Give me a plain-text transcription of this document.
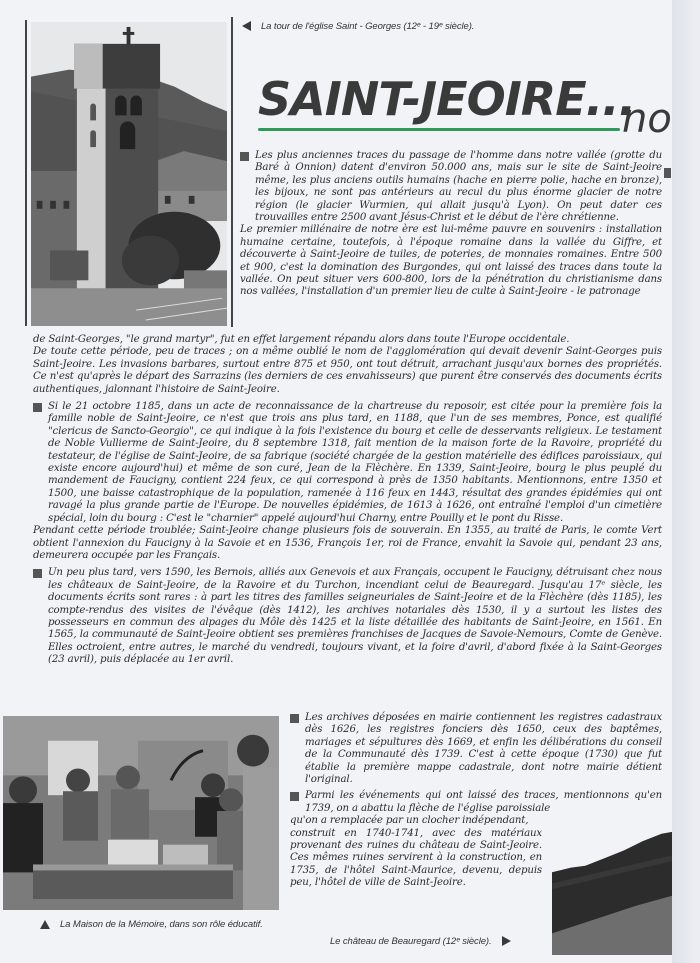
La tour de l'église Saint - Georges (12ᵉ - 19ᵉ siècle).
SAINT-JEOIRE...
no
Les plus anciennes traces du passage de l'homme dans notre vallée (grotte du Baré à Onnion) datent d'environ 50.000 ans, mais sur le site de Saint-Jeoire même, les plus anciens outils humains (hache en pierre polie, hache en bronze), les bijoux, ne sont pas antérieurs au recul du plus énorme glacier de notre région (le glacier Wurmien, qui allait jusqu'à Lyon). On peut dater ces trouvailles entre 2500 avant Jésus-Christ et le début de l'ère chrétienne.

Le premier millénaire de notre ère est lui-même pauvre en souvenirs : installation humaine certaine, toutefois, à l'époque romaine dans la vallée du Giffre, et découverte à Saint-Jeoire de tuiles, de poteries, de monnaies romaines. Entre 500 et 900, c'est la domination des Burgondes, qui ont laissé des traces dans toute la vallée. On peut situer vers 600-800, lors de la pénétration du christianisme dans nos vallées, l'installation d'un premier lieu de culte à Saint-Jeoire - le patronage

de Saint-Georges, "le grand martyr", fut en effet largement répandu alors dans toute l'Europe occidentale.

De toute cette période, peu de traces ; on a même oublié le nom de l'agglomération qui devait devenir Saint-Georges puis Saint-Jeoire. Les invasions barbares, surtout entre 875 et 950, ont tout détruit, arrachant jusqu'aux bornes des propriétés. Ce n'est qu'après le départ des Sarrazins (les derniers de ces envahisseurs) que purent être conservés des documents écrits authentiques, jalonnant l'histoire de Saint-Jeoire.

Si le 21 octobre 1185, dans un acte de reconnaissance de la chartreuse du reposoir, est citée pour la première fois la famille noble de Saint-Jeoire, ce n'est que trois ans plus tard, en 1188, que l'un de ses membres, Ponce, est qualifié "clericus de Sancto-Georgio", ce qui indique à la fois l'existence du bourg et celle de desservants religieux. Le testament de Noble Vullierme de Saint-Jeoire, du 8 septembre 1318, fait mention de la maison forte de la Ravoire, propriété du testateur, de l'église de Saint-Jeoire, de sa fabrique (société chargée de la gestion matérielle des édifices paroissiaux, qui existe encore aujourd'hui) et même de son curé, Jean de la Flèchère. En 1339, Saint-Jeoire, bourg le plus peuplé du mandement de Faucigny, contient 224 feux, ce qui correspond à près de 1350 habitants. Mentionnons, entre 1350 et 1500, une baisse catastrophique de la population, ramenée à 116 feux en 1443, résultat des grandes épidémies qui ont ravagé la plus grande partie de l'Europe. De nouvelles épidémies, de 1613 à 1626, ont entraîné l'emploi d'un cimetière spécial, loin du bourg : C'est le "charnier" appelé aujourd'hui Charny, entre Pouilly et le pont du Risse.

Pendant cette période troublée; Saint-Jeoire change plusieurs fois de souverain. En 1355, au traité de Paris, le comte Vert obtient l'annexion du Faucigny à la Savoie et en 1536, François 1er, roi de France, envahit la Savoie qui, pendant 23 ans, demeurera occupée par les Français.

Un peu plus tard, vers 1590, les Bernois, alliés aux Genevois et aux Français, occupent le Faucigny, détruisant chez nous les châteaux de Saint-Jeoire, de la Ravoire et du Turchon, incendiant celui de Beauregard. Jusqu'au 17ᵉ siècle, les documents écrits sont rares : à part les titres des familles seigneuriales de Saint-Jeoire et de la Flèchère (dès 1185), les compte-rendus des visites de l'évêque (dès 1412), les archives notariales dès 1530, il y a surtout les listes des possesseurs en commun des alpages du Môle dès 1425 et la liste détaillée des habitants de Saint-Jeoire, en 1561. En 1565, la communauté de Saint-Jeoire obtient ses premières franchises de Jacques de Savoie-Nemours, Comte de Genève. Elles octroient, entre autres, le marché du vendredi, toujours vivant, et la foire d'avril, d'abord fixée à la Saint-Georges (23 avril), puis déplacée au 1er avril.
La Maison de la Mémoire, dans son rôle éducatif.
Les archives déposées en mairie contiennent les registres cadastraux dès 1626, les registres fonciers dès 1650, ceux des baptêmes, mariages et sépultures dès 1669, et enfin les délibérations du conseil de la Communauté dès 1739. C'est à cette époque (1730) que fut établie la première mappe cadastrale, dont notre mairie détient l'original.
Parmi les événements qui ont laissé des traces, mentionnons qu'en 1739, on a abattu la flèche de l'église paroissiale

qu'on a remplacée par un clocher indépendant,

construit en 1740-1741, avec des matériaux provenant des ruines du château de Saint-Jeoire. Ces mêmes ruines servirent à la construction, en 1735, de l'hôtel Saint-Maurice, devenu, depuis peu, l'hôtel de ville de Saint-Jeoire.

Le château de Beauregard (12ᵉ siècle).
